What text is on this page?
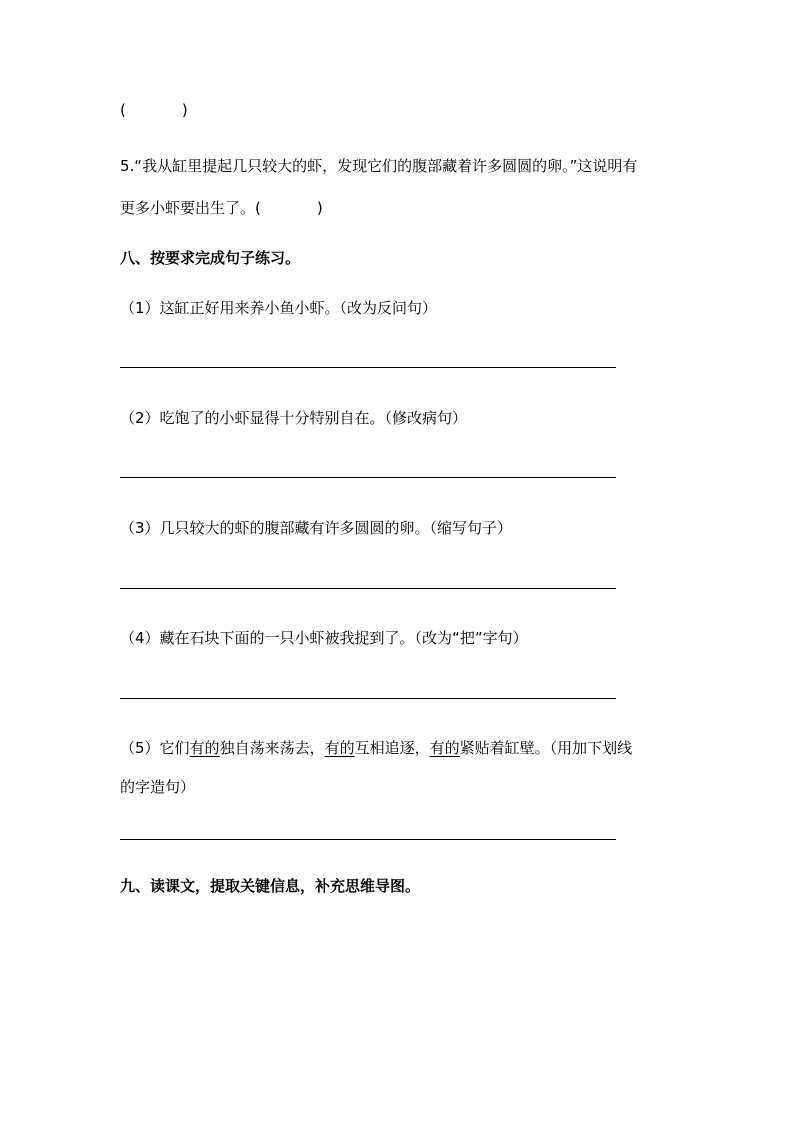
(	)
5.“我从缸里提起几只较大的虾，发现它们的腹部藏着许多圆圆的卵。”这说明有
更多小虾要出生了。(	)
八、按要求完成句子练习。
（1）这缸正好用来养小鱼小虾。（改为反问句）
（2）吃饱了的小虾显得十分特别自在。（修改病句）
（3）几只较大的虾的腹部藏有许多圆圆的卵。（缩写句子）
（4）藏在石块下面的一只小虾被我捉到了。（改为“把”字句）
（5）它们有的独自荡来荡去，有的互相追逐，有的紧贴着缸壁。（用加下划线
的字造句）
九、读课文，提取关键信息，补充思维导图。
